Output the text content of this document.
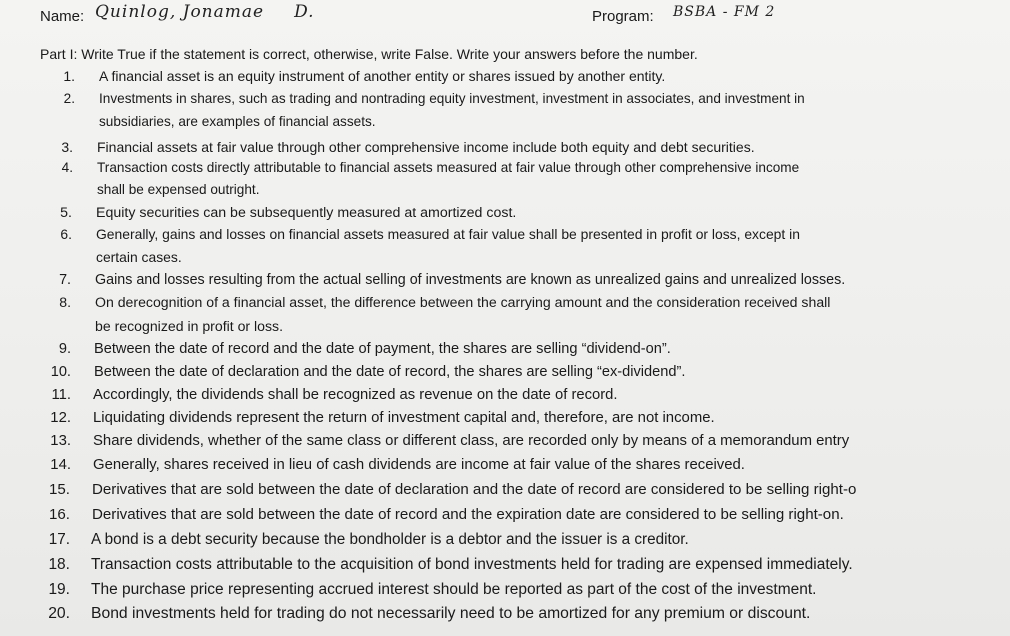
Name: Quinlog, Jonamae D.	Program: BSBA - FM 2
Part I: Write True if the statement is correct, otherwise, write False. Write your answers before the number.
1. A financial asset is an equity instrument of another entity or shares issued by another entity.
2. Investments in shares, such as trading and nontrading equity investment, investment in associates, and investment in
subsidiaries, are examples of financial assets.
3. Financial assets at fair value through other comprehensive income include both equity and debt securities.
4. Transaction costs directly attributable to financial assets measured at fair value through other comprehensive income
shall be expensed outright.
5. Equity securities can be subsequently measured at amortized cost.
6. Generally, gains and losses on financial assets measured at fair value shall be presented in profit or loss, except in
certain cases.
7. Gains and losses resulting from the actual selling of investments are known as unrealized gains and unrealized losses.
8. On derecognition of a financial asset, the difference between the carrying amount and the consideration received shall
be recognized in profit or loss.
9. Between the date of record and the date of payment, the shares are selling “dividend-on”.
10. Between the date of declaration and the date of record, the shares are selling “ex-dividend”.
11. Accordingly, the dividends shall be recognized as revenue on the date of record.
12. Liquidating dividends represent the return of investment capital and, therefore, are not income.
13. Share dividends, whether of the same class or different class, are recorded only by means of a memorandum entry
14. Generally, shares received in lieu of cash dividends are income at fair value of the shares received.
15. Derivatives that are sold between the date of declaration and the date of record are considered to be selling right-o
16. Derivatives that are sold between the date of record and the expiration date are considered to be selling right-on.
17. A bond is a debt security because the bondholder is a debtor and the issuer is a creditor.
18. Transaction costs attributable to the acquisition of bond investments held for trading are expensed immediately.
19. The purchase price representing accrued interest should be reported as part of the cost of the investment.
20. Bond investments held for trading do not necessarily need to be amortized for any premium or discount.
